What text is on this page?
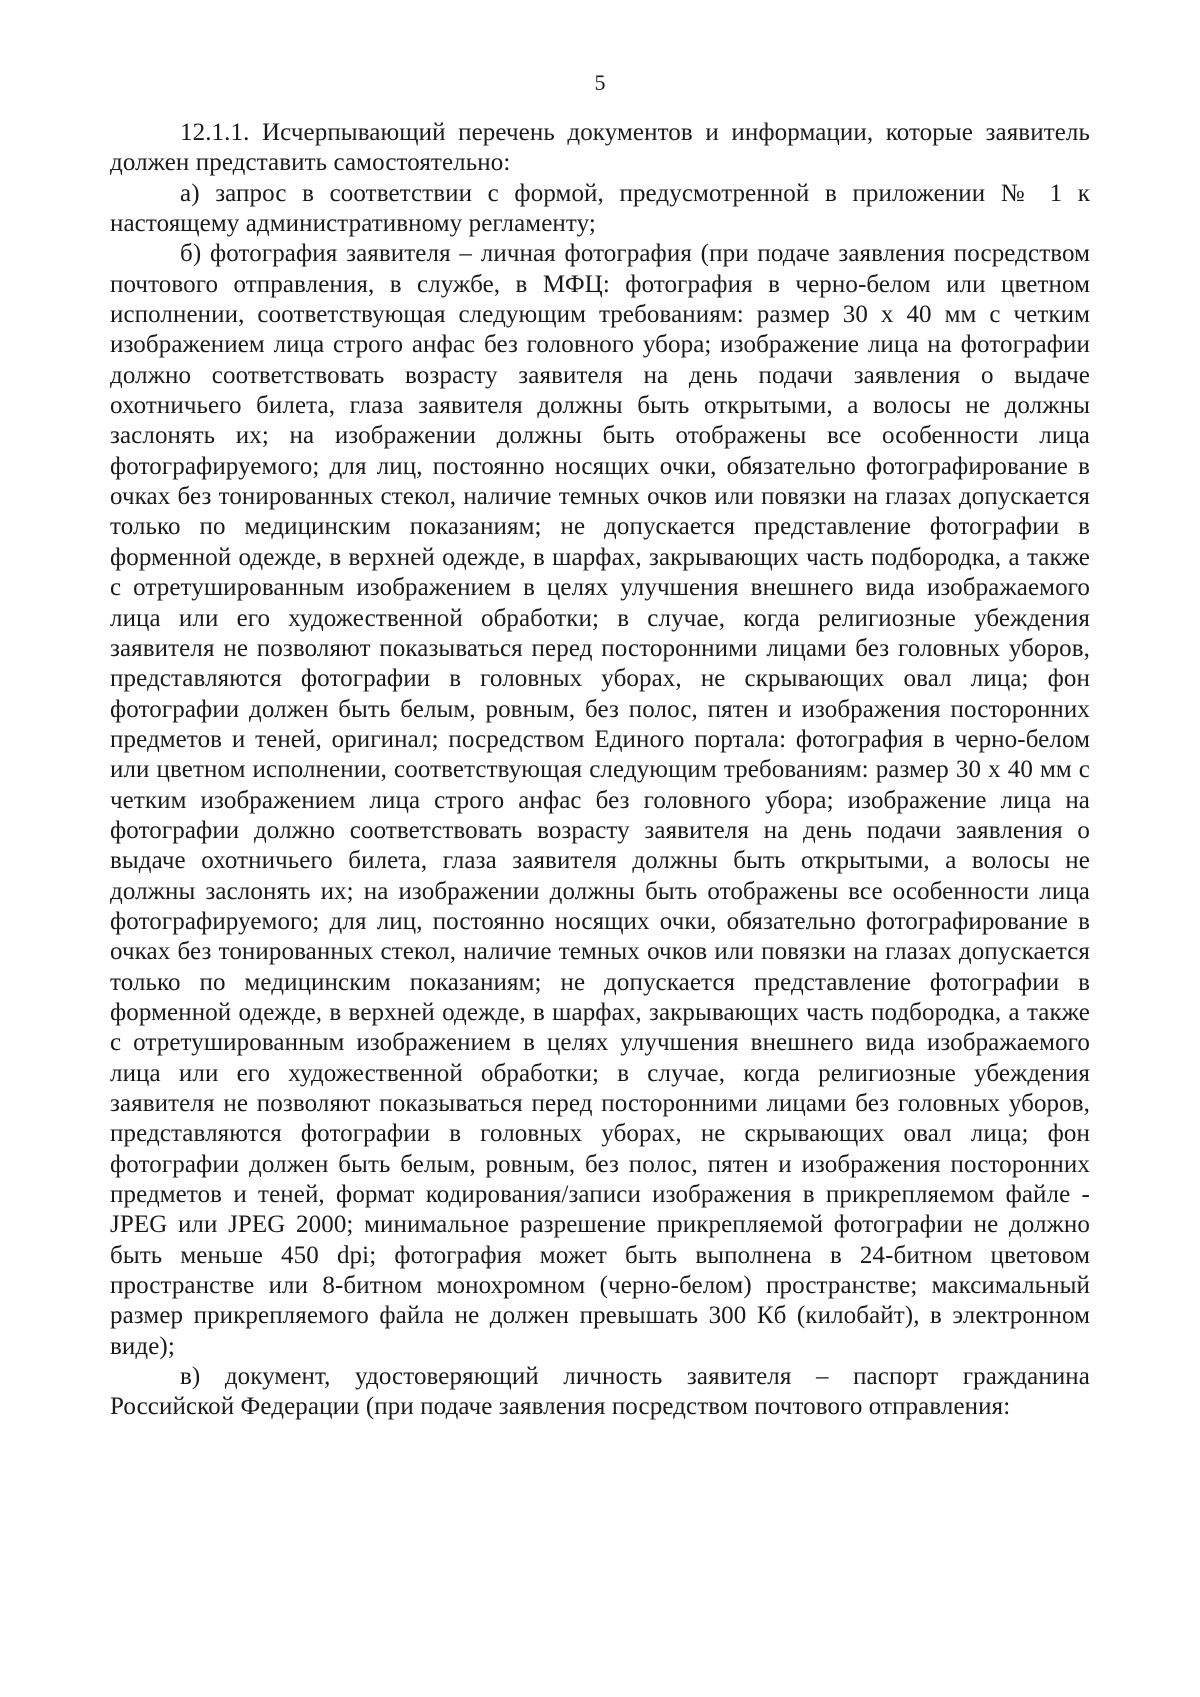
5

12.1.1. Исчерпывающий перечень документов и информации, которые заявитель должен представить самостоятельно:

а) запрос в соответствии с формой, предусмотренной в приложении № 1 к настоящему административному регламенту;

б) фотография заявителя – личная фотография (при подаче заявления посредством почтового отправления, в службе, в МФЦ: фотография в черно-белом или цветном исполнении, соответствующая следующим требованиям: размер 30 х 40 мм с четким изображением лица строго анфас без головного убора; изображение лица на фотографии должно соответствовать возрасту заявителя на день подачи заявления о выдаче охотничьего билета, глаза заявителя должны быть открытыми, а волосы не должны заслонять их; на изображении должны быть отображены все особенности лица фотографируемого; для лиц, постоянно носящих очки, обязательно фотографирование в очках без тонированных стекол, наличие темных очков или повязки на глазах допускается только по медицинским показаниям; не допускается представление фотографии в форменной одежде, в верхней одежде, в шарфах, закрывающих часть подбородка, а также с отретушированным изображением в целях улучшения внешнего вида изображаемого лица или его художественной обработки; в случае, когда религиозные убеждения заявителя не позволяют показываться перед посторонними лицами без головных уборов, представляются фотографии в головных уборах, не скрывающих овал лица; фон фотографии должен быть белым, ровным, без полос, пятен и изображения посторонних предметов и теней, оригинал; посредством Единого портала: фотография в черно-белом или цветном исполнении, соответствующая следующим требованиям: размер 30 х 40 мм с четким изображением лица строго анфас без головного убора; изображение лица на фотографии должно соответствовать возрасту заявителя на день подачи заявления о выдаче охотничьего билета, глаза заявителя должны быть открытыми, а волосы не должны заслонять их; на изображении должны быть отображены все особенности лица фотографируемого; для лиц, постоянно носящих очки, обязательно фотографирование в очках без тонированных стекол, наличие темных очков или повязки на глазах допускается только по медицинским показаниям; не допускается представление фотографии в форменной одежде, в верхней одежде, в шарфах, закрывающих часть подбородка, а также с отретушированным изображением в целях улучшения внешнего вида изображаемого лица или его художественной обработки; в случае, когда религиозные убеждения заявителя не позволяют показываться перед посторонними лицами без головных уборов, представляются фотографии в головных уборах, не скрывающих овал лица; фон фотографии должен быть белым, ровным, без полос, пятен и изображения посторонних предметов и теней, формат кодирования/записи изображения в прикрепляемом файле - JPEG или JPEG 2000; минимальное разрешение прикрепляемой фотографии не должно быть меньше 450 dpi; фотография может быть выполнена в 24-битном цветовом пространстве или 8-битном монохромном (черно-белом) пространстве; максимальный размер прикрепляемого файла не должен превышать 300 Кб (килобайт), в электронном виде);

в) документ, удостоверяющий личность заявителя – паспорт гражданина Российской Федерации (при подаче заявления посредством почтового отправления:
